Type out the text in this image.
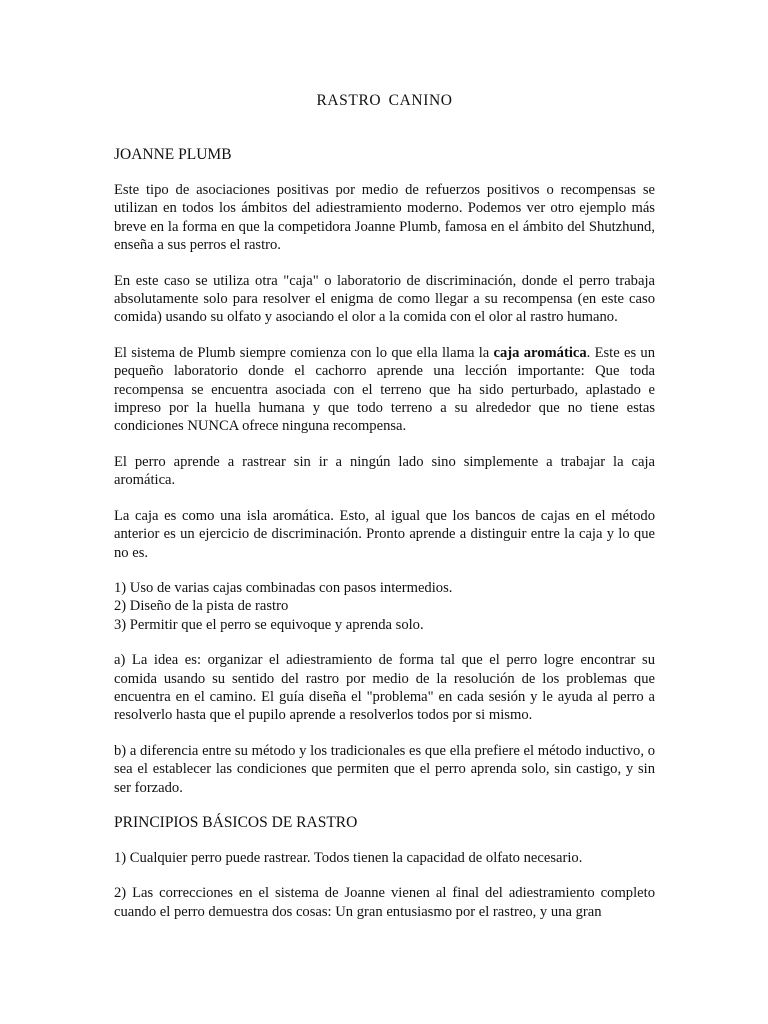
RASTRO CANINO
JOANNE PLUMB

Este tipo de asociaciones positivas por medio de refuerzos positivos o recompensas se utilizan en todos los ámbitos del adiestramiento moderno. Podemos ver otro ejemplo más breve en la forma en que la competidora Joanne Plumb, famosa en el ámbito del Shutzhund, enseña a sus perros el rastro.

En este caso se utiliza otra "caja" o laboratorio de discriminación, donde el perro trabaja absolutamente solo para resolver el enigma de como llegar a su recompensa (en este caso comida) usando su olfato y asociando el olor a la comida con el olor al rastro humano.

El sistema de Plumb siempre comienza con lo que ella llama la caja aromática. Este es un pequeño laboratorio donde el cachorro aprende una lección importante: Que toda recompensa se encuentra asociada con el terreno que ha sido perturbado, aplastado e impreso por la huella humana y que todo terreno a su alrededor que no tiene estas condiciones NUNCA ofrece ninguna recompensa.

El perro aprende a rastrear sin ir a ningún lado sino simplemente a trabajar la caja aromática.

La caja es como una isla aromática. Esto, al igual que los bancos de cajas en el método anterior es un ejercicio de discriminación. Pronto aprende a distinguir entre la caja y lo que no es.

1) Uso de varias cajas combinadas con pasos intermedios.
2) Diseño de la pista de rastro
3) Permitir que el perro se equivoque y aprenda solo.

a) La idea es: organizar el adiestramiento de forma tal que el perro logre encontrar su comida usando su sentido del rastro por medio de la resolución de los problemas que encuentra en el camino. El guía diseña el "problema" en cada sesión y le ayuda al perro a resolverlo hasta que el pupilo aprende a resolverlos todos por si mismo.

b) a diferencia entre su método y los tradicionales es que ella prefiere el método inductivo, o sea el establecer las condiciones que permiten que el perro aprenda solo, sin castigo, y sin ser forzado.

PRINCIPIOS BÁSICOS DE RASTRO

1) Cualquier perro puede rastrear. Todos tienen la capacidad de olfato necesario.

2) Las correcciones en el sistema de Joanne vienen al final del adiestramiento completo cuando el perro demuestra dos cosas: Un gran entusiasmo por el rastreo, y una gran
